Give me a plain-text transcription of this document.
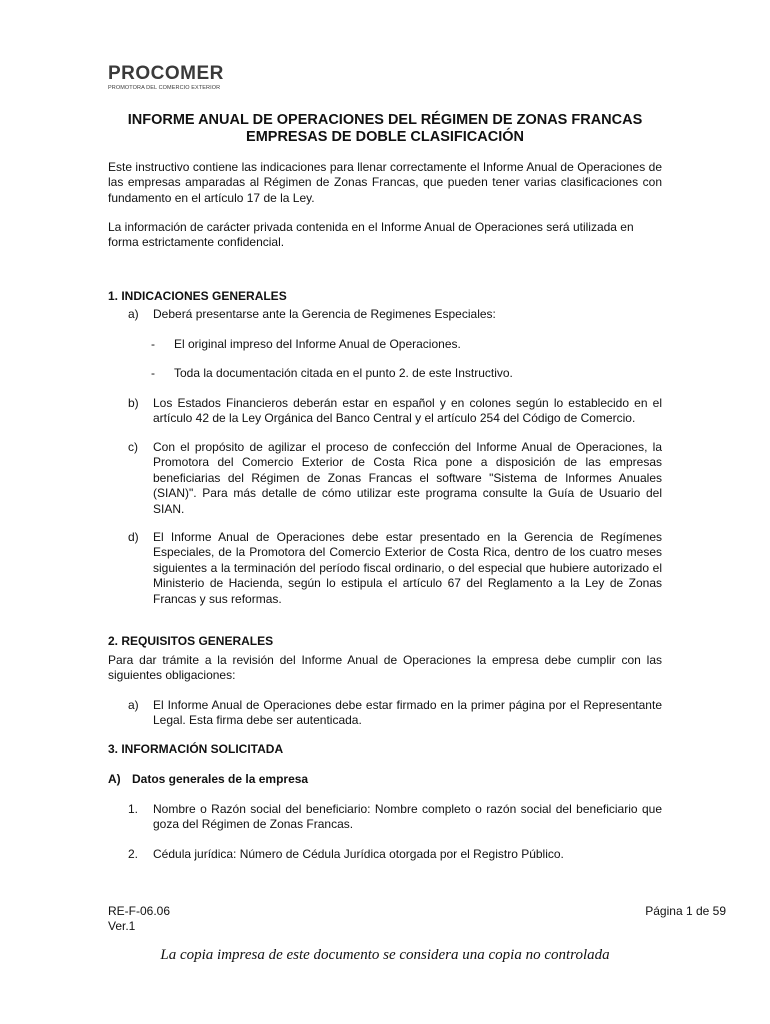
PROCOMER
PROMOTORA DEL COMERCIO EXTERIOR
INFORME ANUAL DE OPERACIONES DEL RÉGIMEN DE ZONAS FRANCAS
EMPRESAS DE DOBLE CLASIFICACIÓN

Este instructivo contiene las indicaciones para llenar correctamente el Informe Anual de Operaciones de las empresas amparadas al Régimen de Zonas Francas, que pueden tener varias clasificaciones con fundamento en el artículo 17 de la Ley.

La información de carácter privada contenida en el Informe Anual de Operaciones será utilizada en forma estrictamente confidencial.

1. INDICACIONES GENERALES
a)	Deberá presentarse ante la Gerencia de Regimenes Especiales:
- El original impreso del Informe Anual de Operaciones.
- Toda la documentación citada en el punto 2. de este Instructivo.
b)	Los Estados Financieros deberán estar en español y en colones según lo establecido en el artículo 42 de la Ley Orgánica del Banco Central y el artículo 254 del Código de Comercio.
c)	Con el propósito de agilizar el proceso de confección del Informe Anual de Operaciones, la Promotora del Comercio Exterior de Costa Rica pone a disposición de las empresas beneficiarias del Régimen de Zonas Francas el software "Sistema de Informes Anuales (SIAN)". Para más detalle de cómo utilizar este programa consulte la Guía de Usuario del SIAN.
d)	El Informe Anual de Operaciones debe estar presentado en la Gerencia de Regímenes Especiales, de la Promotora del Comercio Exterior de Costa Rica, dentro de los cuatro meses siguientes a la terminación del período fiscal ordinario, o del especial que hubiere autorizado el Ministerio de Hacienda, según lo estipula el artículo 67 del Reglamento a la Ley de Zonas Francas y sus reformas.
2. REQUISITOS GENERALES

Para dar trámite a la revisión del Informe Anual de Operaciones la empresa debe cumplir con las siguientes obligaciones:

a)	El Informe Anual de Operaciones debe estar firmado en la primer página por el Representante Legal. Esta firma debe ser autenticada.
3. INFORMACIÓN SOLICITADA
A) Datos generales de la empresa
1.	Nombre o Razón social del beneficiario: Nombre completo o razón social del beneficiario que goza del Régimen de Zonas Francas.
2.	Cédula jurídica: Número de Cédula Jurídica otorgada por el Registro Público.
RE-F-06.06
Ver.1
Página 1 de 59
La copia impresa de este documento se considera una copia no controlada
